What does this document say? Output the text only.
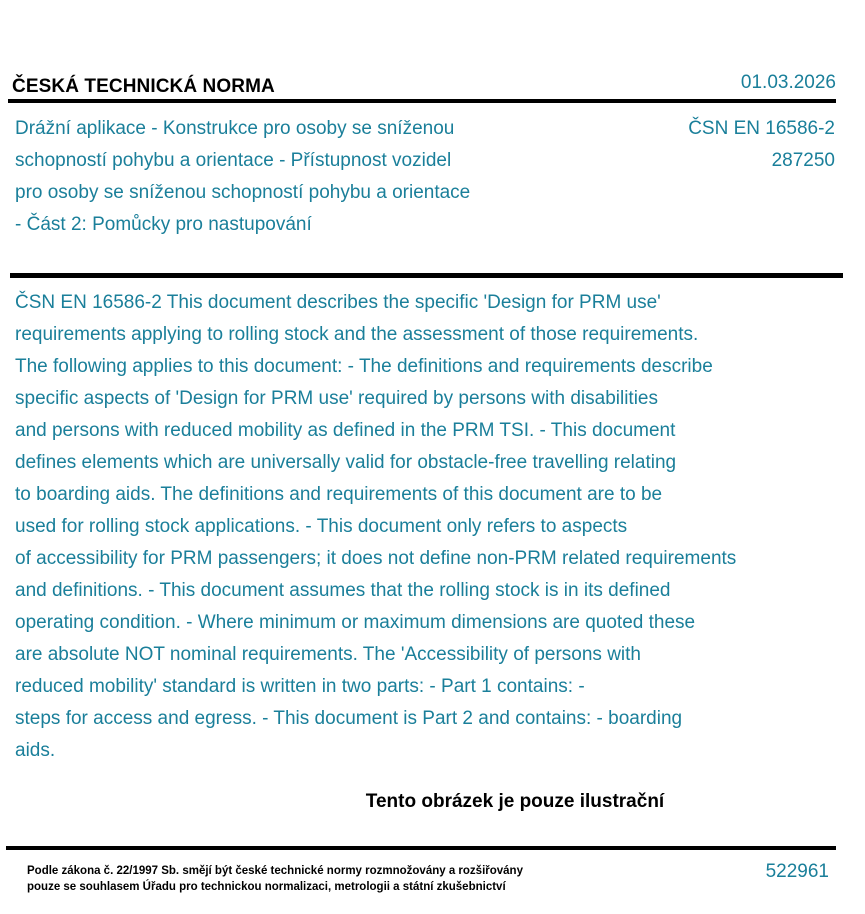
ČESKÁ TECHNICKÁ NORMA	01.03.2026
Drážní aplikace - Konstrukce pro osoby se sníženou
schopností pohybu a orientace - Přístupnost vozidel
pro osoby se sníženou schopností pohybu a orientace
- Část 2: Pomůcky pro nastupování
ČSN EN 16586-2
287250
ČSN EN 16586-2 This document describes the specific 'Design for PRM use'
requirements applying to rolling stock and the assessment of those requirements.
The following applies to this document: - The definitions and requirements describe
specific aspects of 'Design for PRM use' required by persons with disabilities
and persons with reduced mobility as defined in the PRM TSI. - This document
defines elements which are universally valid for obstacle-free travelling relating
to boarding aids. The definitions and requirements of this document are to be
used for rolling stock applications. - This document only refers to aspects
of accessibility for PRM passengers; it does not define non-PRM related requirements
and definitions. - This document assumes that the rolling stock is in its defined
operating condition. - Where minimum or maximum dimensions are quoted these
are absolute NOT nominal requirements. The 'Accessibility of persons with
reduced mobility' standard is written in two parts: - Part 1 contains: -
steps for access and egress. - This document is Part 2 and contains: - boarding
aids.
Tento obrázek je pouze ilustrační
Podle zákona č. 22/1997 Sb. smějí být české technické normy rozmnožovány a rozšiřovány
pouze se souhlasem Úřadu pro technickou normalizaci, metrologii a státní zkušebnictví
522961
